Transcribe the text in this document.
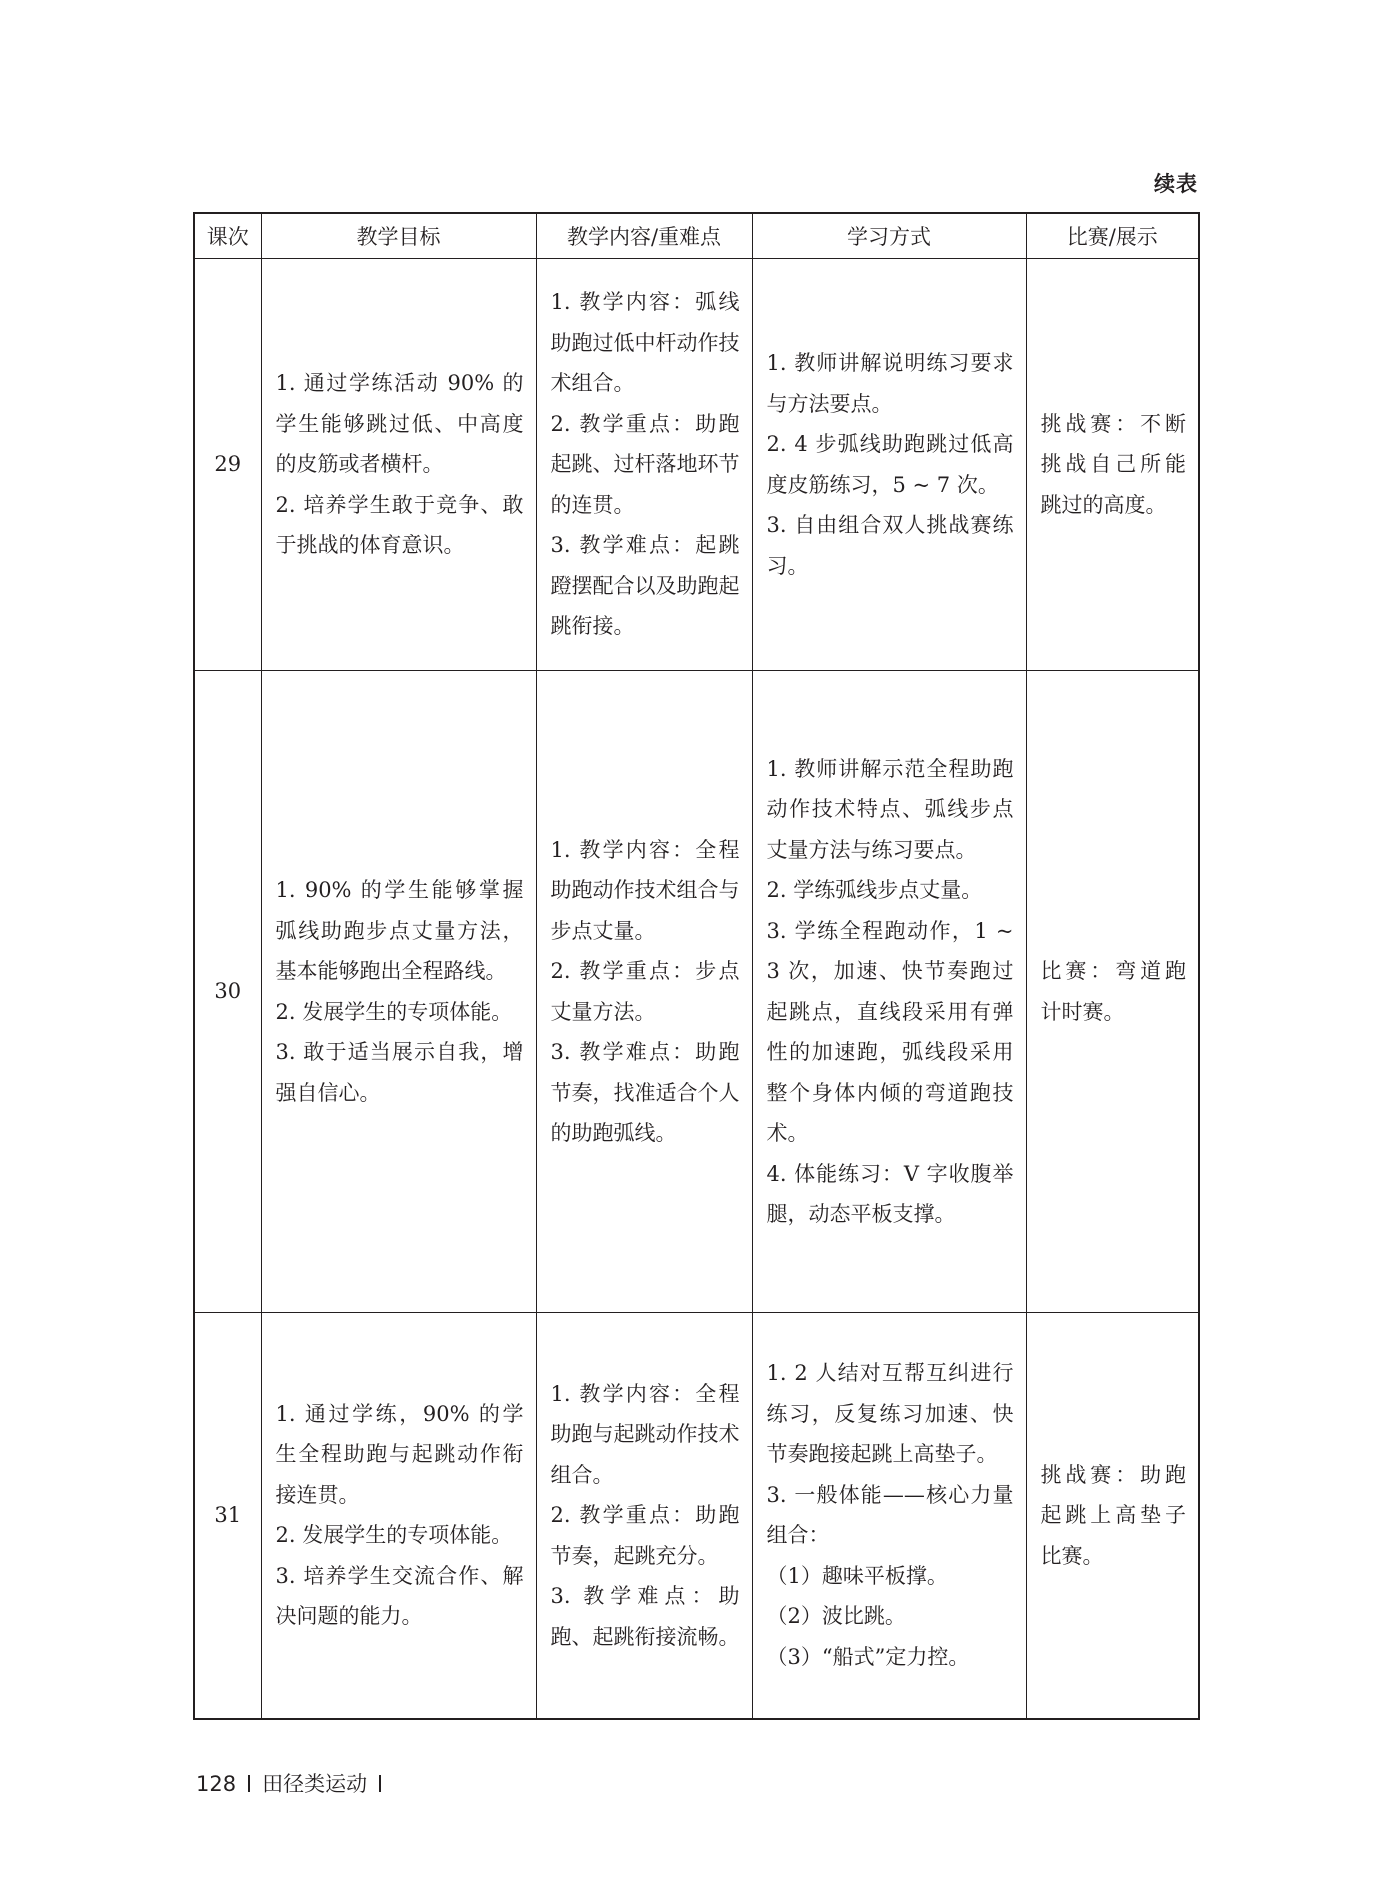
续表
课次	教学目标	教学内容/重难点	学习方式	比赛/展示
29	1. 通过学练活动 90% 的学生能够跳过低、中高度的皮筋或者横杆。
2. 培养学生敢于竞争、敢于挑战的体育意识。	1. 教学内容：弧线助跑过低中杆动作技术组合。
2. 教学重点：助跑起跳、过杆落地环节的连贯。
3. 教学难点：起跳蹬摆配合以及助跑起跳衔接。	1. 教师讲解说明练习要求与方法要点。
2. 4 步弧线助跑跳过低高度皮筋练习，5 ~ 7 次。
3. 自由组合双人挑战赛练习。	挑战赛：不断挑战自己所能跳过的高度。
30	1. 90% 的学生能够掌握弧线助跑步点丈量方法，基本能够跑出全程路线。
2. 发展学生的专项体能。
3. 敢于适当展示自我，增强自信心。	1. 教学内容：全程助跑动作技术组合与步点丈量。
2. 教学重点：步点丈量方法。
3. 教学难点：助跑节奏，找准适合个人的助跑弧线。	1. 教师讲解示范全程助跑动作技术特点、弧线步点丈量方法与练习要点。
2. 学练弧线步点丈量。
3. 学练全程跑动作，1 ~ 3 次，加速、快节奏跑过起跳点，直线段采用有弹性的加速跑，弧线段采用整个身体内倾的弯道跑技术。
4. 体能练习：V 字收腹举腿，动态平板支撑。	比赛：弯道跑计时赛。
31	1. 通过学练，90% 的学生全程助跑与起跳动作衔接连贯。
2. 发展学生的专项体能。
3. 培养学生交流合作、解决问题的能力。	1. 教学内容：全程助跑与起跳动作技术组合。
2. 教学重点：助跑节奏，起跳充分。
3. 教学难点：助跑、起跳衔接流畅。	1. 2 人结对互帮互纠进行练习，反复练习加速、快节奏跑接起跳上高垫子。
3. 一般体能——核心力量组合：
（1）趣味平板撑。
（2）波比跳。
（3）“船式”定力控。	挑战赛：助跑起跳上高垫子比赛。
128 田径类运动
